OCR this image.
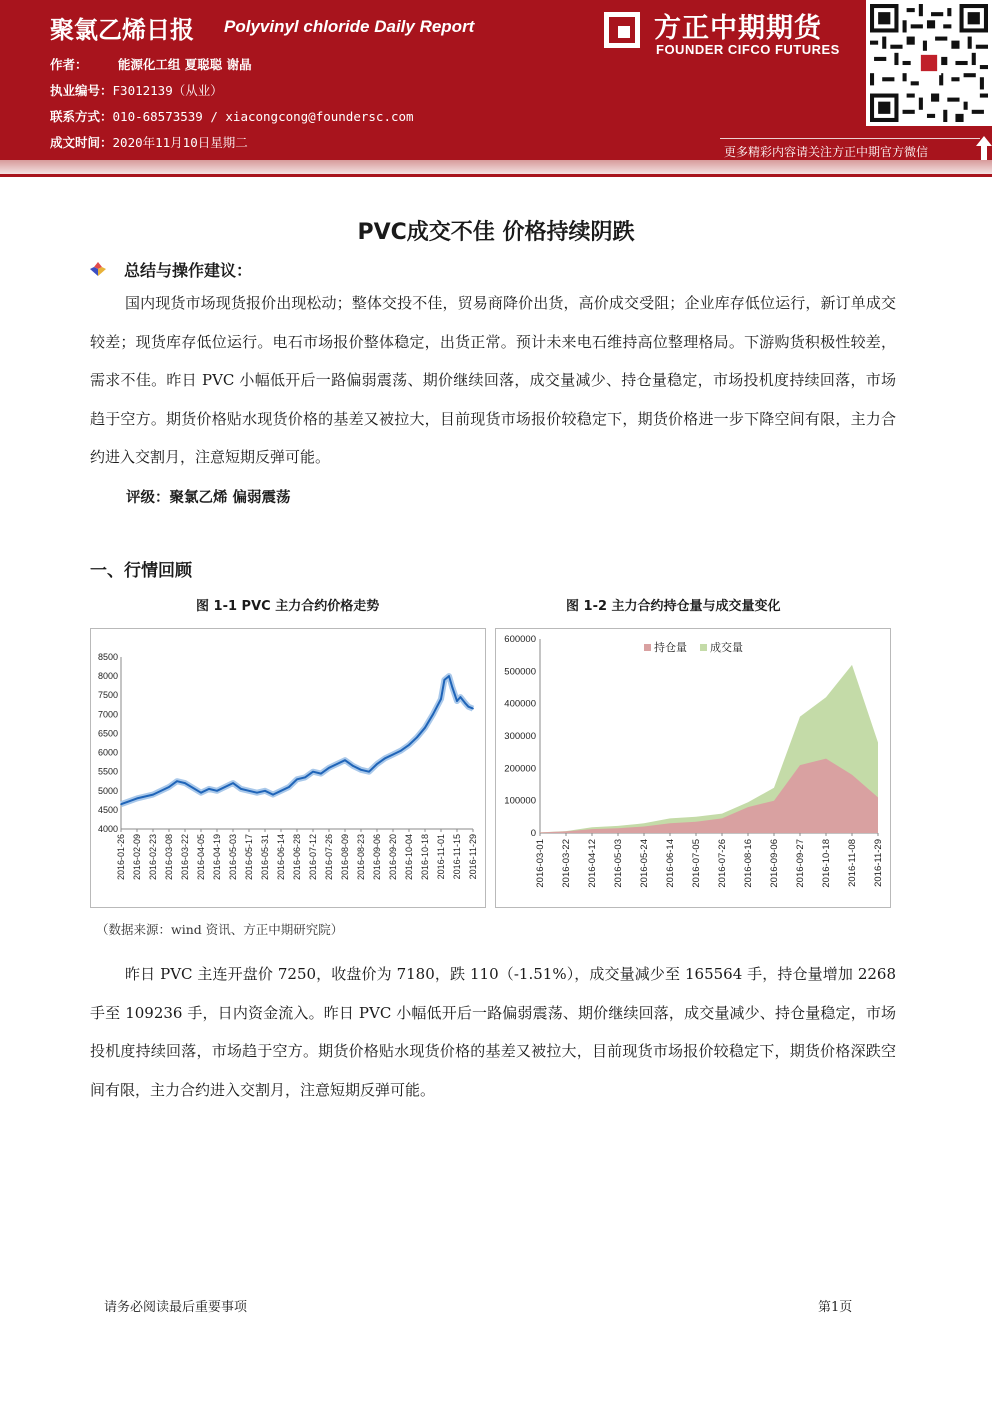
聚氯乙烯日报 Polyvinyl chloride Daily Report
作者： 能源化工组 夏聪聪 谢晶
执业编号：F3012139（从业）
联系方式：010-68573539 / xiacongcong@foundersc.com
成文时间：2020年11月10日星期二
方正中期期货
FOUNDER CIFCO FUTURES
更多精彩内容请关注方正中期官方微信
PVC成交不佳 价格持续阴跌
总结与操作建议：
国内现货市场现货报价出现松动；整体交投不佳，贸易商降价出货，高价成交受阻；企业库存低位运行，新订单成交较差；现货库存低位运行。电石市场报价整体稳定，出货正常。预计未来电石维持高位整理格局。下游购货积极性较差，需求不佳。昨日 PVC 小幅低开后一路偏弱震荡、期价继续回落，成交量减少、持仓量稳定，市场投机度持续回落，市场趋于空方。期货价格贴水现货价格的基差又被拉大，目前现货市场报价较稳定下，期货价格进一步下降空间有限，主力合约进入交割月，注意短期反弹可能。
评级：聚氯乙烯 偏弱震荡
一、行情回顾
图 1-1 PVC 主力合约价格走势	图 1-2 主力合约持仓量与成交量变化
8500
8000
7500
7000
6500
6000
5500
5000
4500
4000
2016-01-26 2016-02-09 2016-02-23 2016-03-08 2016-03-22 2016-04-05 2016-04-19 2016-05-03 2016-05-17 2016-05-31 2016-06-14 2016-06-28 2016-07-12 2016-07-26 2016-08-09 2016-08-23 2016-09-06 2016-09-20 2016-10-04 2016-10-18 2016-11-01 2016-11-15 2016-11-29
600000
500000
400000
300000
200000
100000
0
2016-03-01 2016-03-22 2016-04-12 2016-05-03 2016-05-24 2016-06-14 2016-07-05 2016-07-26 2016-08-16 2016-09-06 2016-09-27 2016-10-18 2016-11-08 2016-11-29
持仓量 成交量
（数据来源：wind 资讯、方正中期研究院）
昨日 PVC 主连开盘价 7250，收盘价为 7180，跌 110（-1.51%），成交量减少至 165564 手，持仓量增加 2268 手至 109236 手，日内资金流入。昨日 PVC 小幅低开后一路偏弱震荡、期价继续回落，成交量减少、持仓量稳定，市场投机度持续回落，市场趋于空方。期货价格贴水现货价格的基差又被拉大，目前现货市场报价较稳定下，期货价格深跌空间有限，主力合约进入交割月，注意短期反弹可能。
请务必阅读最后重要事项	第1页
